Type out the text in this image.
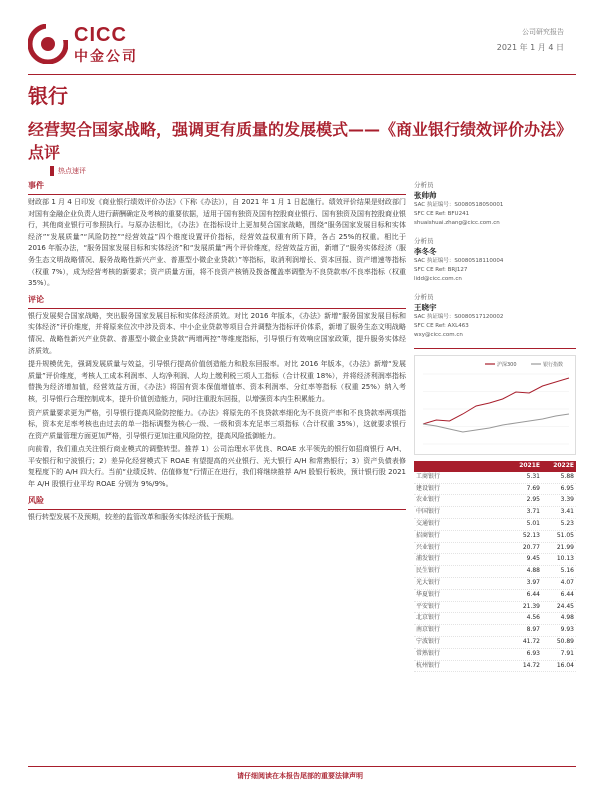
CICC
中金公司
公司研究报告
2021 年 1 月 4 日
银行
经营契合国家战略，强调更有质量的发展模式——《商业银行绩效评价办法》点评
热点速评
事件

财政部 1 月 4 日印发《商业银行绩效评价办法》（下称《办法》），自 2021 年 1 月 1 日起施行。绩效评价结果是财政部门对国有金融企业负责人进行薪酬确定及考核的重要依据，适用于国有独资及国有控股商业银行、国有独资及国有控股商业银行，其他商业银行可参照执行。与原办法相比，《办法》在指标设计上更加契合国家战略，围绕“服务国家发展目标和实体经济”“发展质量”“风险防控”“经营效益”四个维度设置评价指标，经营效益权重有所下降，各占 25%的权重。相比于 2016 年版办法，“服务国家发展目标和实体经济”和“发展质量”两个评价维度，经营效益方面，新增了“服务实体经济（服务生态文明战略情况、服务战略性新兴产业、普惠型小微企业贷款）”等指标，取消利润增长、资本回报、资产增速等指标（权重 7%），成为经营考核的新要求；资产质量方面，将不良资产核销及拨备覆盖率调整为不良贷款率/不良率指标（权重 35%）。

评论

银行发展契合国家战略，突出服务国家发展目标和实体经济质效。对比 2016 年版本，《办法》新增“服务国家发展目标和实体经济”评价维度，并将原来位次中涉及资本、中小企业贷款等项目合并调整为指标评价体系，新增了服务生态文明战略情况、战略性新兴产业贷款、普惠型小微企业贷款“两增两控”等维度指标，引导银行有效响应国家政策，提升服务实体经济质效。

提升规模优先，强调发展质量与效益，引导银行提高价值创造能力和股东回报率。对比 2016 年版本，《办法》新增“发展质量”评价维度，考核人工成本利润率、人均净利润、人均上缴利税三项人工指标（合计权重 18%），并将经济利润率指标替换为经济增加值，经营效益方面，《办法》将国有资本保值增值率、资本利润率、分红率等指标（权重 25%）纳入考核，引导银行合理控制成本，提升价值创造能力，同时注重股东回报，以增强资本内生积累能力。

资产质量要求更为严格，引导银行提高风险防控能力。《办法》将原先的不良贷款率细化为不良资产率和不良贷款率两项指标，资本充足率考核也由过去的单一指标调整为核心一级、一级和资本充足率三项指标（合计权重 35%），这就要求银行在资产质量管理方面更加严格，引导银行更加注重风险防控，提高风险抵御能力。

向前看，我们重点关注银行商业模式的调整转型。推荐 1）公司治理水平优良、ROAE 水平领先的银行如招商银行 A/H、平安银行和宁波银行；2）差异化经营模式下 ROAE 有望提高的兴业银行、光大银行 A/H 和常熟银行；3）资产负债表修复程度下的 A/H 四大行。当前“业绩反转、估值修复”行情正在进行，我们将继续推荐 A/H 股银行板块，预计银行股 2021 年 A/H 股银行业平均 ROAE 分别为 9%/9%。

风险

银行转型发展不及预期，较差的监管改革和服务实体经济低于预期。

分析员
张帅帅
SAC 执证编号：S0080518050001
SFC CE Ref: BFU241
shuaishuai.zhang@cicc.com.cn
分析员
李冬冬
SAC 执证编号：S0080518110004
SFC CE Ref: BRJ127
lidd@cicc.com.cn
分析员
王晓宇
SAC 执证编号：S0080517120002
SFC CE Ref: AXL463
wxy@cicc.com.cn
沪深300	银行指数
2021E	2022E
工商银行	5.31	5.88
建设银行	7.69	6.95
农业银行	2.95	3.39
中国银行	3.71	3.41
交通银行	5.01	5.23
招商银行	52.13	51.05
兴业银行	20.77	21.99
浦发银行	9.45	10.13
民生银行	4.88	5.16
光大银行	3.97	4.07
华夏银行	6.44	6.44
平安银行	21.39	24.45
北京银行	4.56	4.98
南京银行	8.97	9.93
宁波银行	41.72	50.89
常熟银行	6.93	7.91
杭州银行	14.72	16.04
请仔细阅读在本报告尾部的重要法律声明
